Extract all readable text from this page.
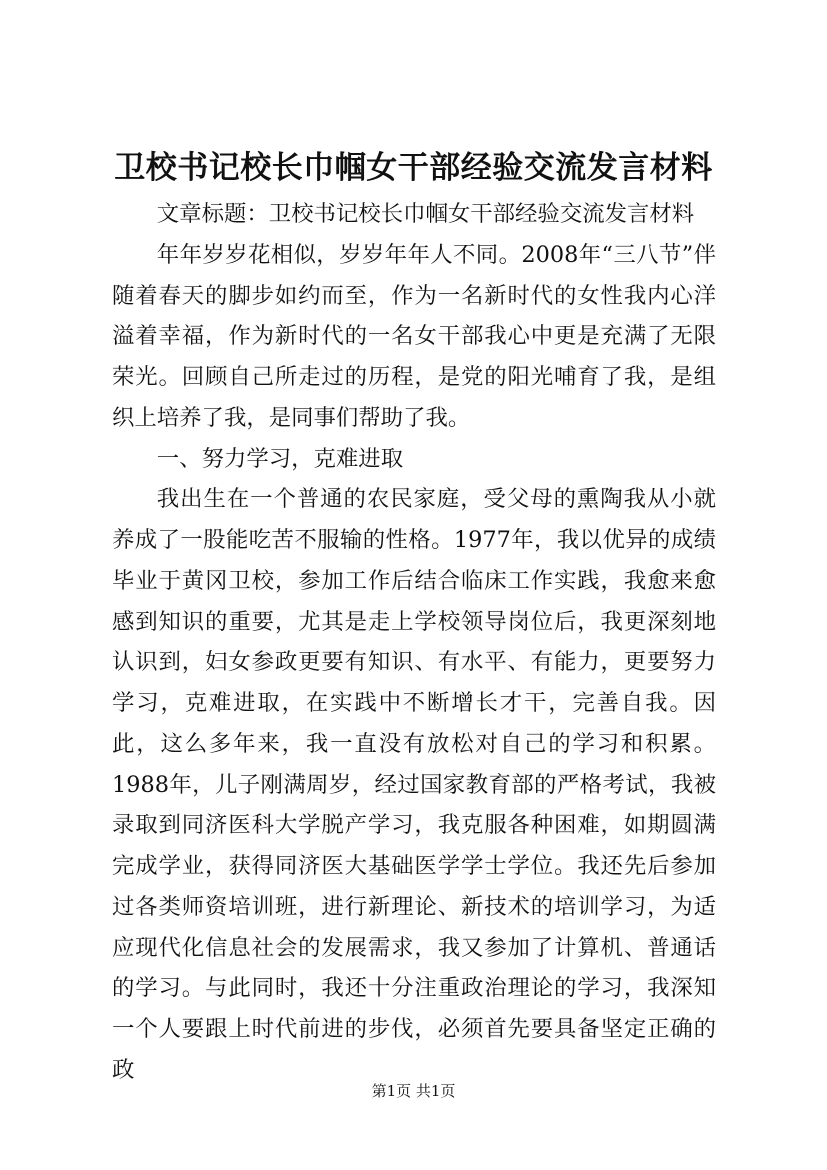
卫校书记校长巾帼女干部经验交流发言材料

文章标题：卫校书记校长巾帼女干部经验交流发言材料

年年岁岁花相似，岁岁年年人不同。2008年“三八节”伴随着春天的脚步如约而至，作为一名新时代的女性我内心洋溢着幸福，作为新时代的一名女干部我心中更是充满了无限荣光。回顾自己所走过的历程，是党的阳光哺育了我，是组织上培养了我，是同事们帮助了我。

一、努力学习，克难进取

我出生在一个普通的农民家庭，受父母的熏陶我从小就养成了一股能吃苦不服输的性格。1977年，我以优异的成绩毕业于黄冈卫校，参加工作后结合临床工作实践，我愈来愈感到知识的重要，尤其是走上学校领导岗位后，我更深刻地认识到，妇女参政更要有知识、有水平、有能力，更要努力学习，克难进取，在实践中不断增长才干，完善自我。因此，这么多年来，我一直没有放松对自己的学习和积累。1988年，儿子刚满周岁，经过国家教育部的严格考试，我被录取到同济医科大学脱产学习，我克服各种困难，如期圆满完成学业，获得同济医大基础医学学士学位。我还先后参加过各类师资培训班，进行新理论、新技术的培训学习，为适应现代化信息社会的发展需求，我又参加了计算机、普通话的学习。与此同时，我还十分注重政治理论的学习，我深知一个人要跟上时代前进的步伐，必须首先要具备坚定正确的政

第1页 共1页
